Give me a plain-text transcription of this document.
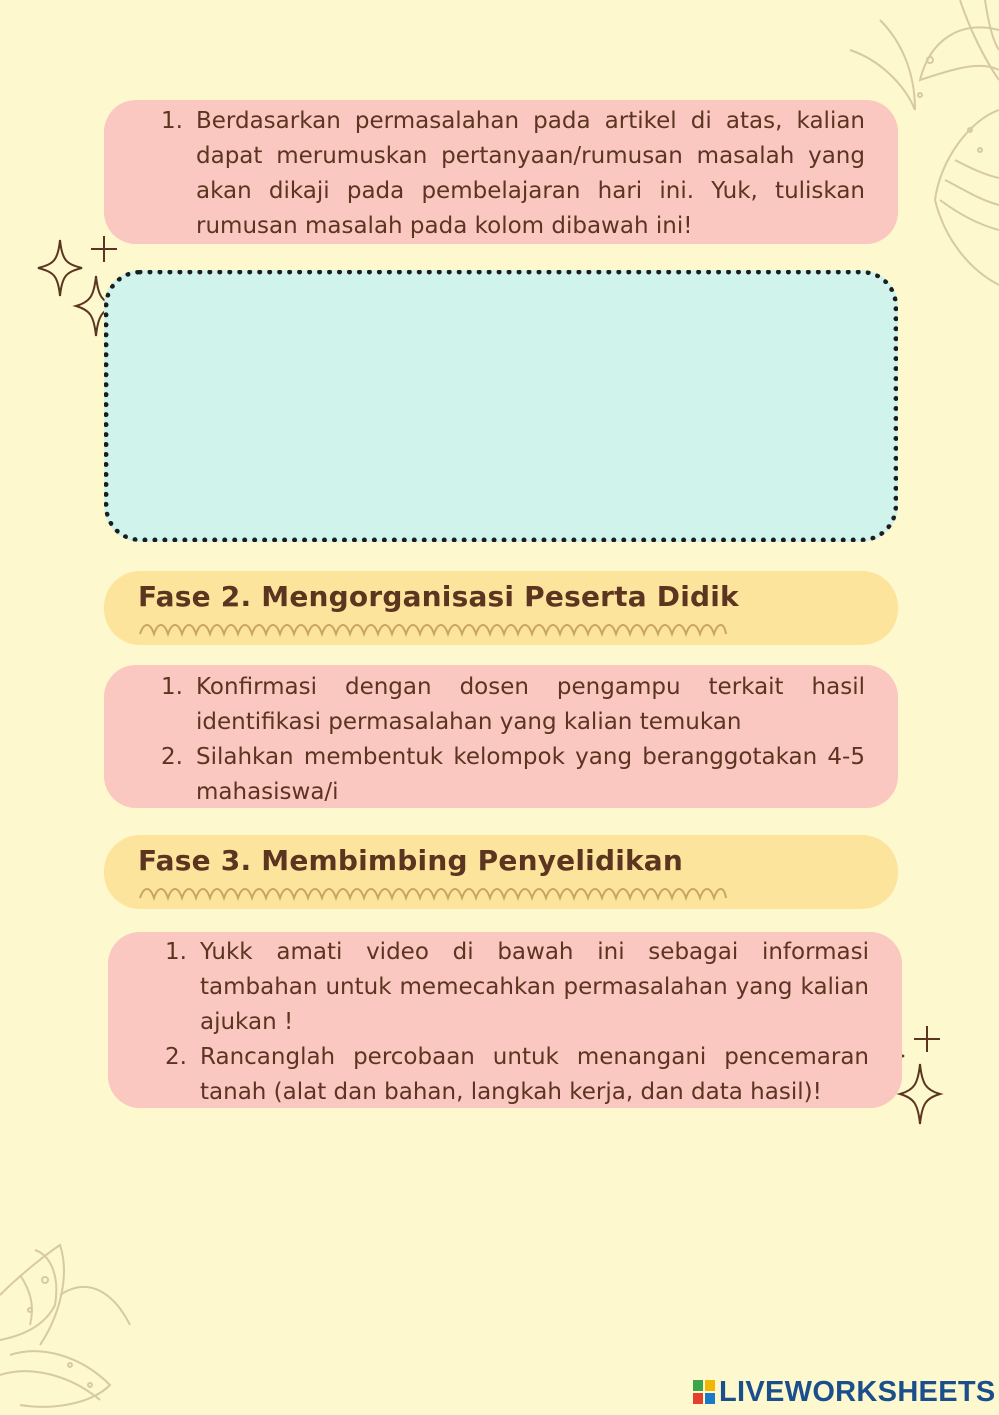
1. Berdasarkan permasalahan pada artikel di atas, kalian dapat merumuskan pertanyaan/rumusan masalah yang akan dikaji pada pembelajaran hari ini. Yuk, tuliskan rumusan masalah pada kolom dibawah ini!
Fase 2. Mengorganisasi Peserta Didik
1. Konfirmasi dengan dosen pengampu terkait hasil identifikasi permasalahan yang kalian temukan
2. Silahkan membentuk kelompok yang beranggotakan 4-5 mahasiswa/i
Fase 3. Membimbing Penyelidikan
1. Yukk amati video di bawah ini sebagai informasi tambahan untuk memecahkan permasalahan yang kalian ajukan !
2. Rancanglah percobaan untuk menangani pencemaran tanah (alat dan bahan, langkah kerja, dan data hasil)!
LIVEWORKSHEETS
